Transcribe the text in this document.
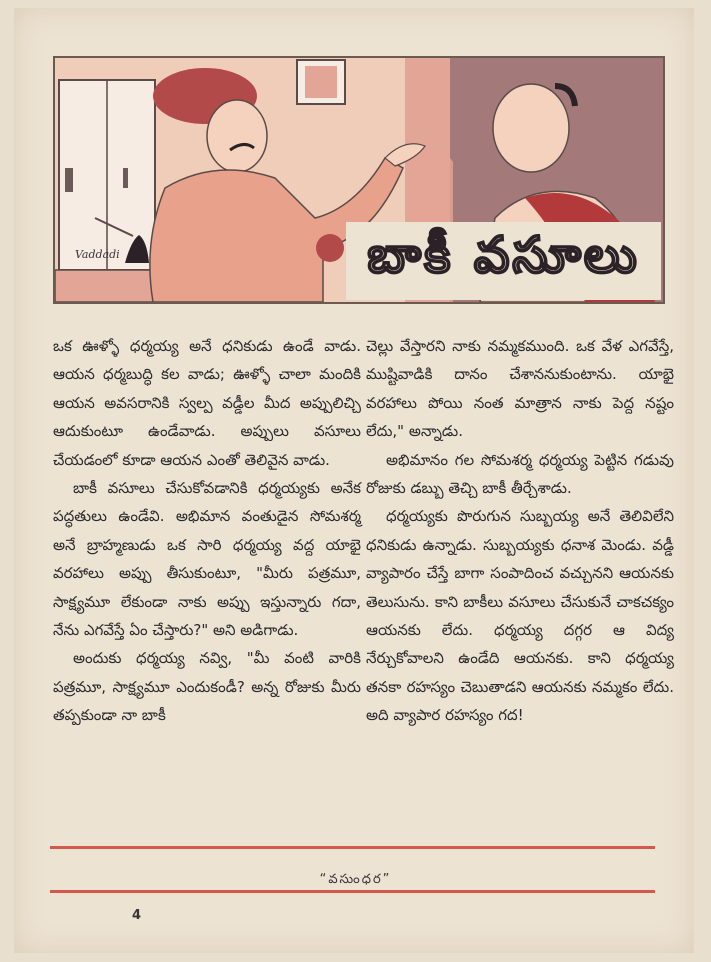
Vaddadi	బాకీ వసూలు

ఒక ఊళ్ళో ధర్మయ్య అనే ధనికుడు ఉండే వాడు. ఆయన ధర్మబుద్ధి కల వాడు; ఊళ్ళో చాలా మందికి ఆయన అవసరానికి స్వల్ప వడ్డీల మీద అప్పులిచ్చి ఆదుకుంటూ ఉండేవాడు. అప్పులు వసూలు చేయడంలో కూడా ఆయన ఎంతో తెలివైన వాడు.

బాకీ వసూలు చేసుకోవడానికి ధర్మయ్యకు అనేక పద్ధతులు ఉండేవి. అభిమాన వంతుడైన సోమశర్మ అనే బ్రాహ్మణుడు ఒక సారి ధర్మయ్య వద్ద యాభై వరహాలు అప్పు తీసుకుంటూ, "మీరు పత్రమూ, సాక్ష్యమూ లేకుండా నాకు అప్పు ఇస్తున్నారు గదా, నేను ఎగవేస్తే ఏం చేస్తారు?" అని అడిగాడు.

అందుకు ధర్మయ్య నవ్వి, "మీ వంటి వారికి పత్రమూ, సాక్ష్యమూ ఎందుకండీ? అన్న రోజుకు మీరు తప్పకుండా నా బాకీ

చెల్లు వేస్తారని నాకు నమ్మకముంది. ఒక వేళ ఎగవేస్తే, ముష్టివాడికి దానం చేశాననుకుంటాను. యాభై వరహాలు పోయి నంత మాత్రాన నాకు పెద్ద నష్టం లేదు," అన్నాడు.

అభిమానం గల సోమశర్మ ధర్మయ్య పెట్టిన గడువు రోజుకు డబ్బు తెచ్చి బాకీ తీర్చేశాడు.

ధర్మయ్యకు పొరుగున సుబ్బయ్య అనే తెలివిలేని ధనికుడు ఉన్నాడు. సుబ్బయ్యకు ధనాశ మెండు. వడ్డీ వ్యాపారం చేస్తే బాగా సంపాదించ వచ్చునని ఆయనకు తెలుసును. కాని బాకీలు వసూలు చేసుకునే చాకచక్యం ఆయనకు లేదు. ధర్మయ్య దగ్గర ఆ విద్య నేర్చుకోవాలని ఉండేది ఆయనకు. కాని ధర్మయ్య తనకా రహస్యం చెబుతాడని ఆయనకు నమ్మకం లేదు. అది వ్యాపార రహస్యం గద!

“వసుంధర”
4
